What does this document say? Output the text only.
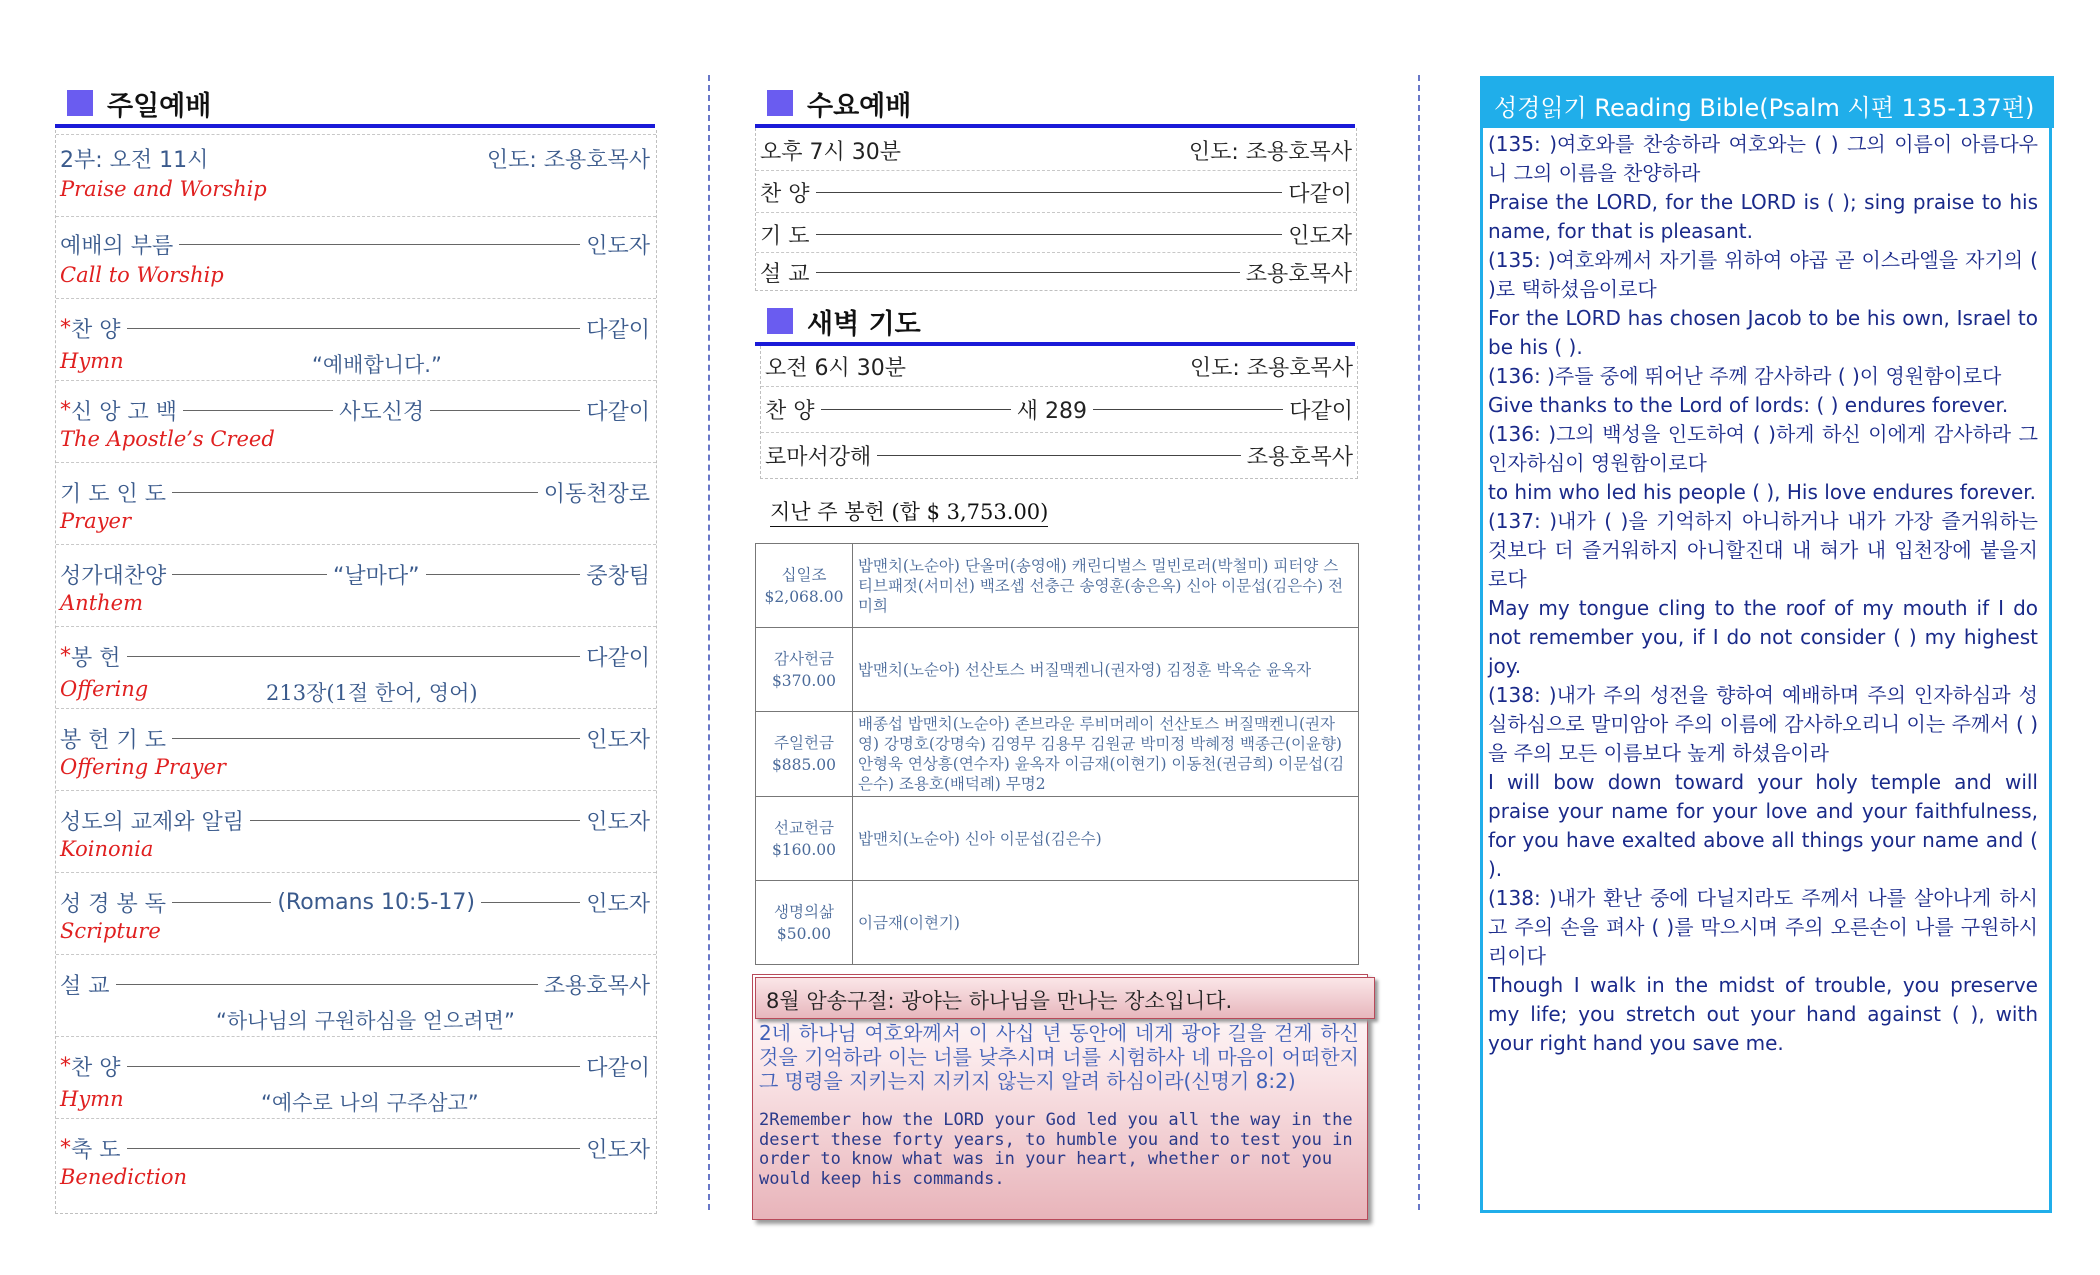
주일예배
2부: 오전 11시	인도: 조용호목사
Praise and Worship
예배의 부름	인도자
Call to Worship
* 찬 양	다같이
Hymn	“예배합니다.”
* 신 앙 고 백	사도신경	다같이
The Apostle’s Creed
기 도 인 도	이동천장로
Prayer
성가대찬양	“날마다”	중창팀
Anthem
* 봉 헌	다같이
Offering	213장(1절 한어, 영어)
봉 헌 기 도	인도자
Offering Prayer
성도의 교제와 알림	인도자
Koinonia
성 경 봉 독	(Romans 10:5-17)	인도자
Scripture
설 교	조용호목사
“하나님의 구원하심을 얻으려면”
* 찬 양	다같이
Hymn	“예수로 나의 구주삼고”
* 축 도	인도자
Benediction
수요예배
오후 7시 30분	인도: 조용호목사
찬 양	다같이
기 도	인도자
설 교	조용호목사
새벽 기도
오전 6시 30분	인도: 조용호목사
찬 양	새 289	다같이
로마서강해	조용호목사
지난 주 봉헌 (합 $ 3,753.00)
십일조
$2,068.00	밥맨치(노순아) 단올머(송영애) 캐린디벌스 멀빈로러(박철미) 피터양 스티브패젓(서미선) 백조셉 선충근 송영훈(송은옥) 신아 이문섭(김은수) 전미희

감사헌금
$370.00	밥맨치(노순아) 선산토스 버질맥켄니(권자영) 김정훈 박옥순 윤옥자

주일헌금
$885.00	배종섭 밥맨치(노순아) 존브라운 루비머레이 선산토스 버질맥켄니(권자영) 강명호(강명숙) 김영무 김용무 김원균 박미정 박혜정 백종근(이윤향) 안형욱 연상흥(연수자) 윤옥자 이금재(이현기) 이동천(권금희) 이문섭(김은수) 조용호(배덕례) 무명2

선교헌금
$160.00	밥맨치(노순아) 신아 이문섭(김은수)

생명의삶
$50.00	이금재(이현기)
8월 암송구절: 광야는 하나님을 만나는 장소입니다.
2네 하나님 여호와께서 이 사십 년 동안에 네게 광야 길을 걷게 하신 것을 기억하라 이는 너를 낮추시며 너를 시험하사 네 마음이 어떠한지 그 명령을 지키는지 지키지 않는지 알려 하심이라(신명기 8:2)
2Remember how the LORD your God led you all the way in the desert these forty years, to humble you and to test you in order to know what was in your heart, whether or not you would keep his commands.
성경읽기 Reading Bible(Psalm 시편 135-137편)
(135: )여호와를 찬송하라 여호와는 ( ) 그의 이름이 아름다우니 그의 이름을 찬양하라
Praise the LORD, for the LORD is ( ); sing praise to his name, for that is pleasant.
(135: )여호와께서 자기를 위하여 야곱 곧 이스라엘을 자기의 ( )로 택하셨음이로다
For the LORD has chosen Jacob to be his own, Israel to be his ( ).
(136: )주들 중에 뛰어난 주께 감사하라 ( )이 영원함이로다
Give thanks to the Lord of lords: ( ) endures forever.
(136: )그의 백성을 인도하여 ( )하게 하신 이에게 감사하라 그 인자하심이 영원함이로다
to him who led his people ( ), His love endures forever.
(137: )내가 ( )을 기억하지 아니하거나 내가 가장 즐거워하는 것보다 더 즐거워하지 아니할진대 내 혀가 내 입천장에 붙을지로다
May my tongue cling to the roof of my mouth if I do not remember you, if I do not consider ( ) my highest joy.
(138: )내가 주의 성전을 향하여 예배하며 주의 인자하심과 성실하심으로 말미암아 주의 이름에 감사하오리니 이는 주께서 ( )을 주의 모든 이름보다 높게 하셨음이라
I will bow down toward your holy temple and will praise your name for your love and your faithfulness, for you have exalted above all things your name and ( ).
(138: )내가 환난 중에 다닐지라도 주께서 나를 살아나게 하시고 주의 손을 펴사 ( )를 막으시며 주의 오른손이 나를 구원하시리이다
Though I walk in the midst of trouble, you preserve my life; you stretch out your hand against ( ), with your right hand you save me.
